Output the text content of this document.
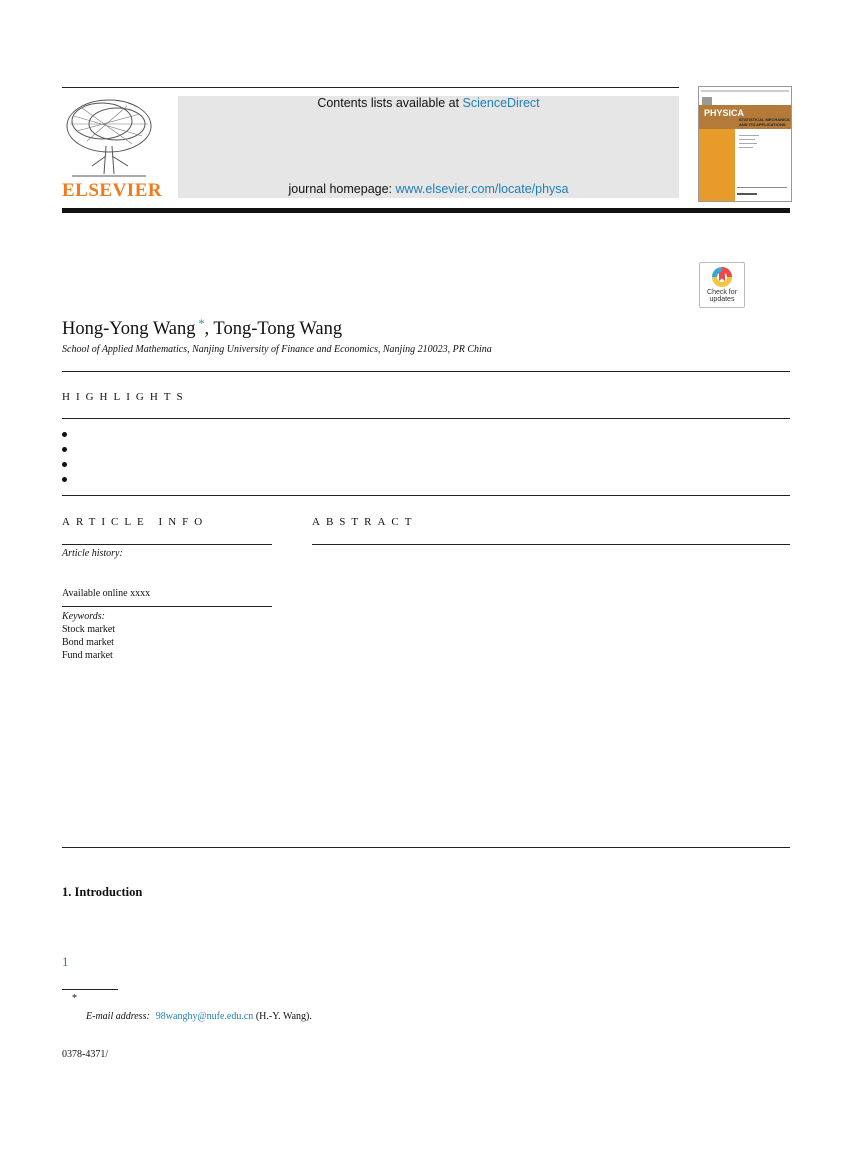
ELSEVIER
Contents lists available at ScienceDirect
journal homepage: www.elsevier.com/locate/physa
PHYSICA
STATISTICAL MECHANICS
AND ITS APPLICATIONS
Check for
updates
Hong-Yong Wang *, Tong-Tong Wang
School of Applied Mathematics, Nanjing University of Finance and Economics, Nanjing 210023, PR China
HIGHLIGHTS
ARTICLE INFO
Article history:
Available online xxxx
Keywords:
Stock market
Bond market
Fund market
ABSTRACT
1. Introduction
1
*
E-mail address: 98wanghy@nufe.edu.cn (H.-Y. Wang).
0378-4371/
